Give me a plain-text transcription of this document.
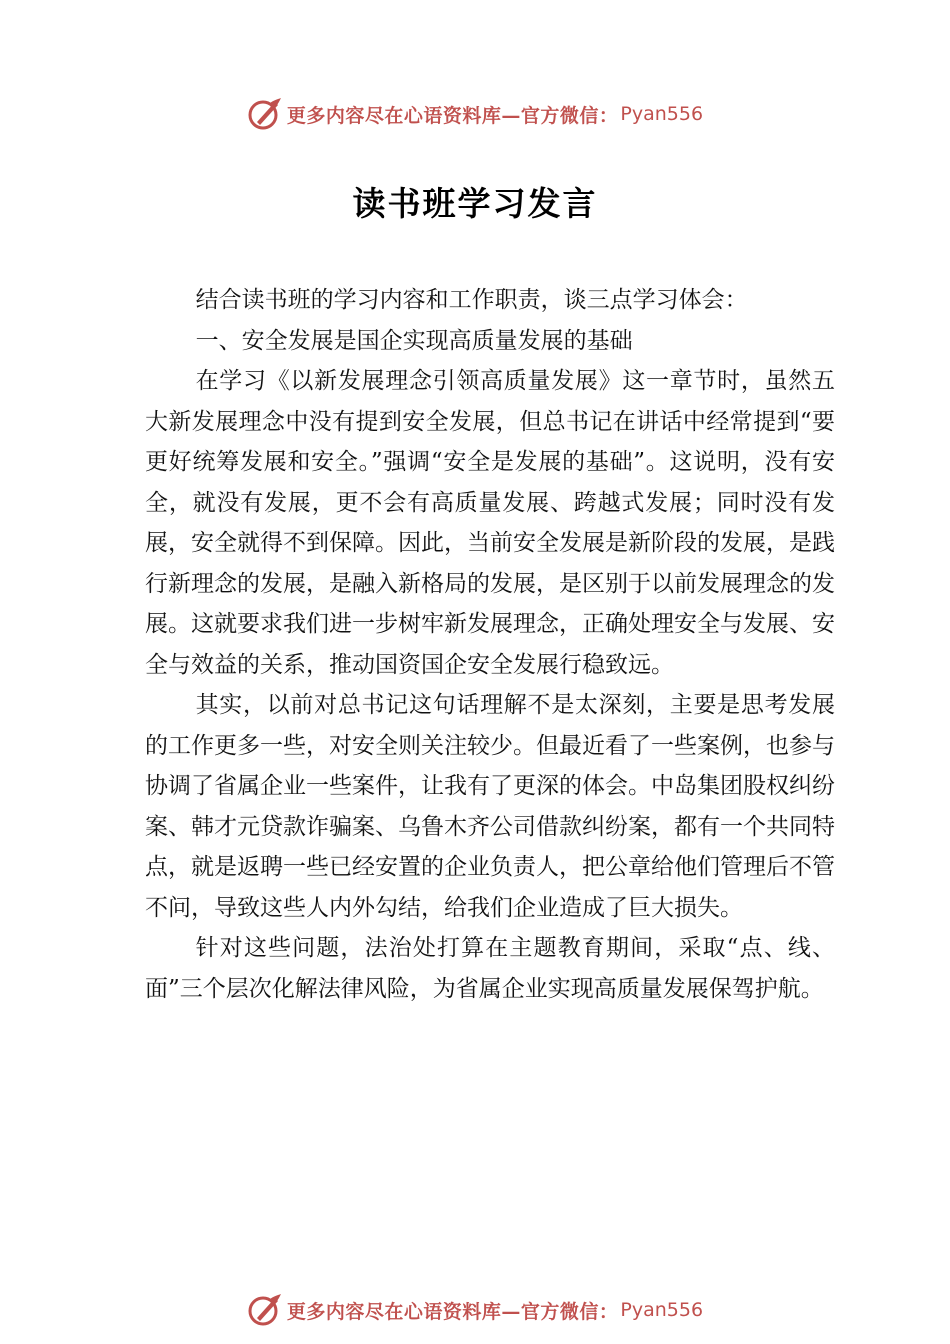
更多内容尽在心语资料库—官方微信： Pyan556
读书班学习发言

结合读书班的学习内容和工作职责，谈三点学习体会：

一、安全发展是国企实现高质量发展的基础

在学习《以新发展理念引领高质量发展》这一章节时，虽然五大新发展理念中没有提到安全发展，但总书记在讲话中经常提到“要更好统筹发展和安全。”强调“安全是发展的基础”。这说明，没有安全，就没有发展，更不会有高质量发展、跨越式发展；同时没有发展，安全就得不到保障。因此，当前安全发展是新阶段的发展，是践行新理念的发展，是融入新格局的发展，是区别于以前发展理念的发展。这就要求我们进一步树牢新发展理念，正确处理安全与发展、安全与效益的关系，推动国资国企安全发展行稳致远。

其实，以前对总书记这句话理解不是太深刻，主要是思考发展的工作更多一些，对安全则关注较少。但最近看了一些案例，也参与协调了省属企业一些案件，让我有了更深的体会。中岛集团股权纠纷案、韩才元贷款诈骗案、乌鲁木齐公司借款纠纷案，都有一个共同特点，就是返聘一些已经安置的企业负责人，把公章给他们管理后不管不问，导致这些人内外勾结，给我们企业造成了巨大损失。

针对这些问题，法治处打算在主题教育期间，采取“点、线、面”三个层次化解法律风险，为省属企业实现高质量发展保驾护航。

更多内容尽在心语资料库—官方微信： Pyan556
